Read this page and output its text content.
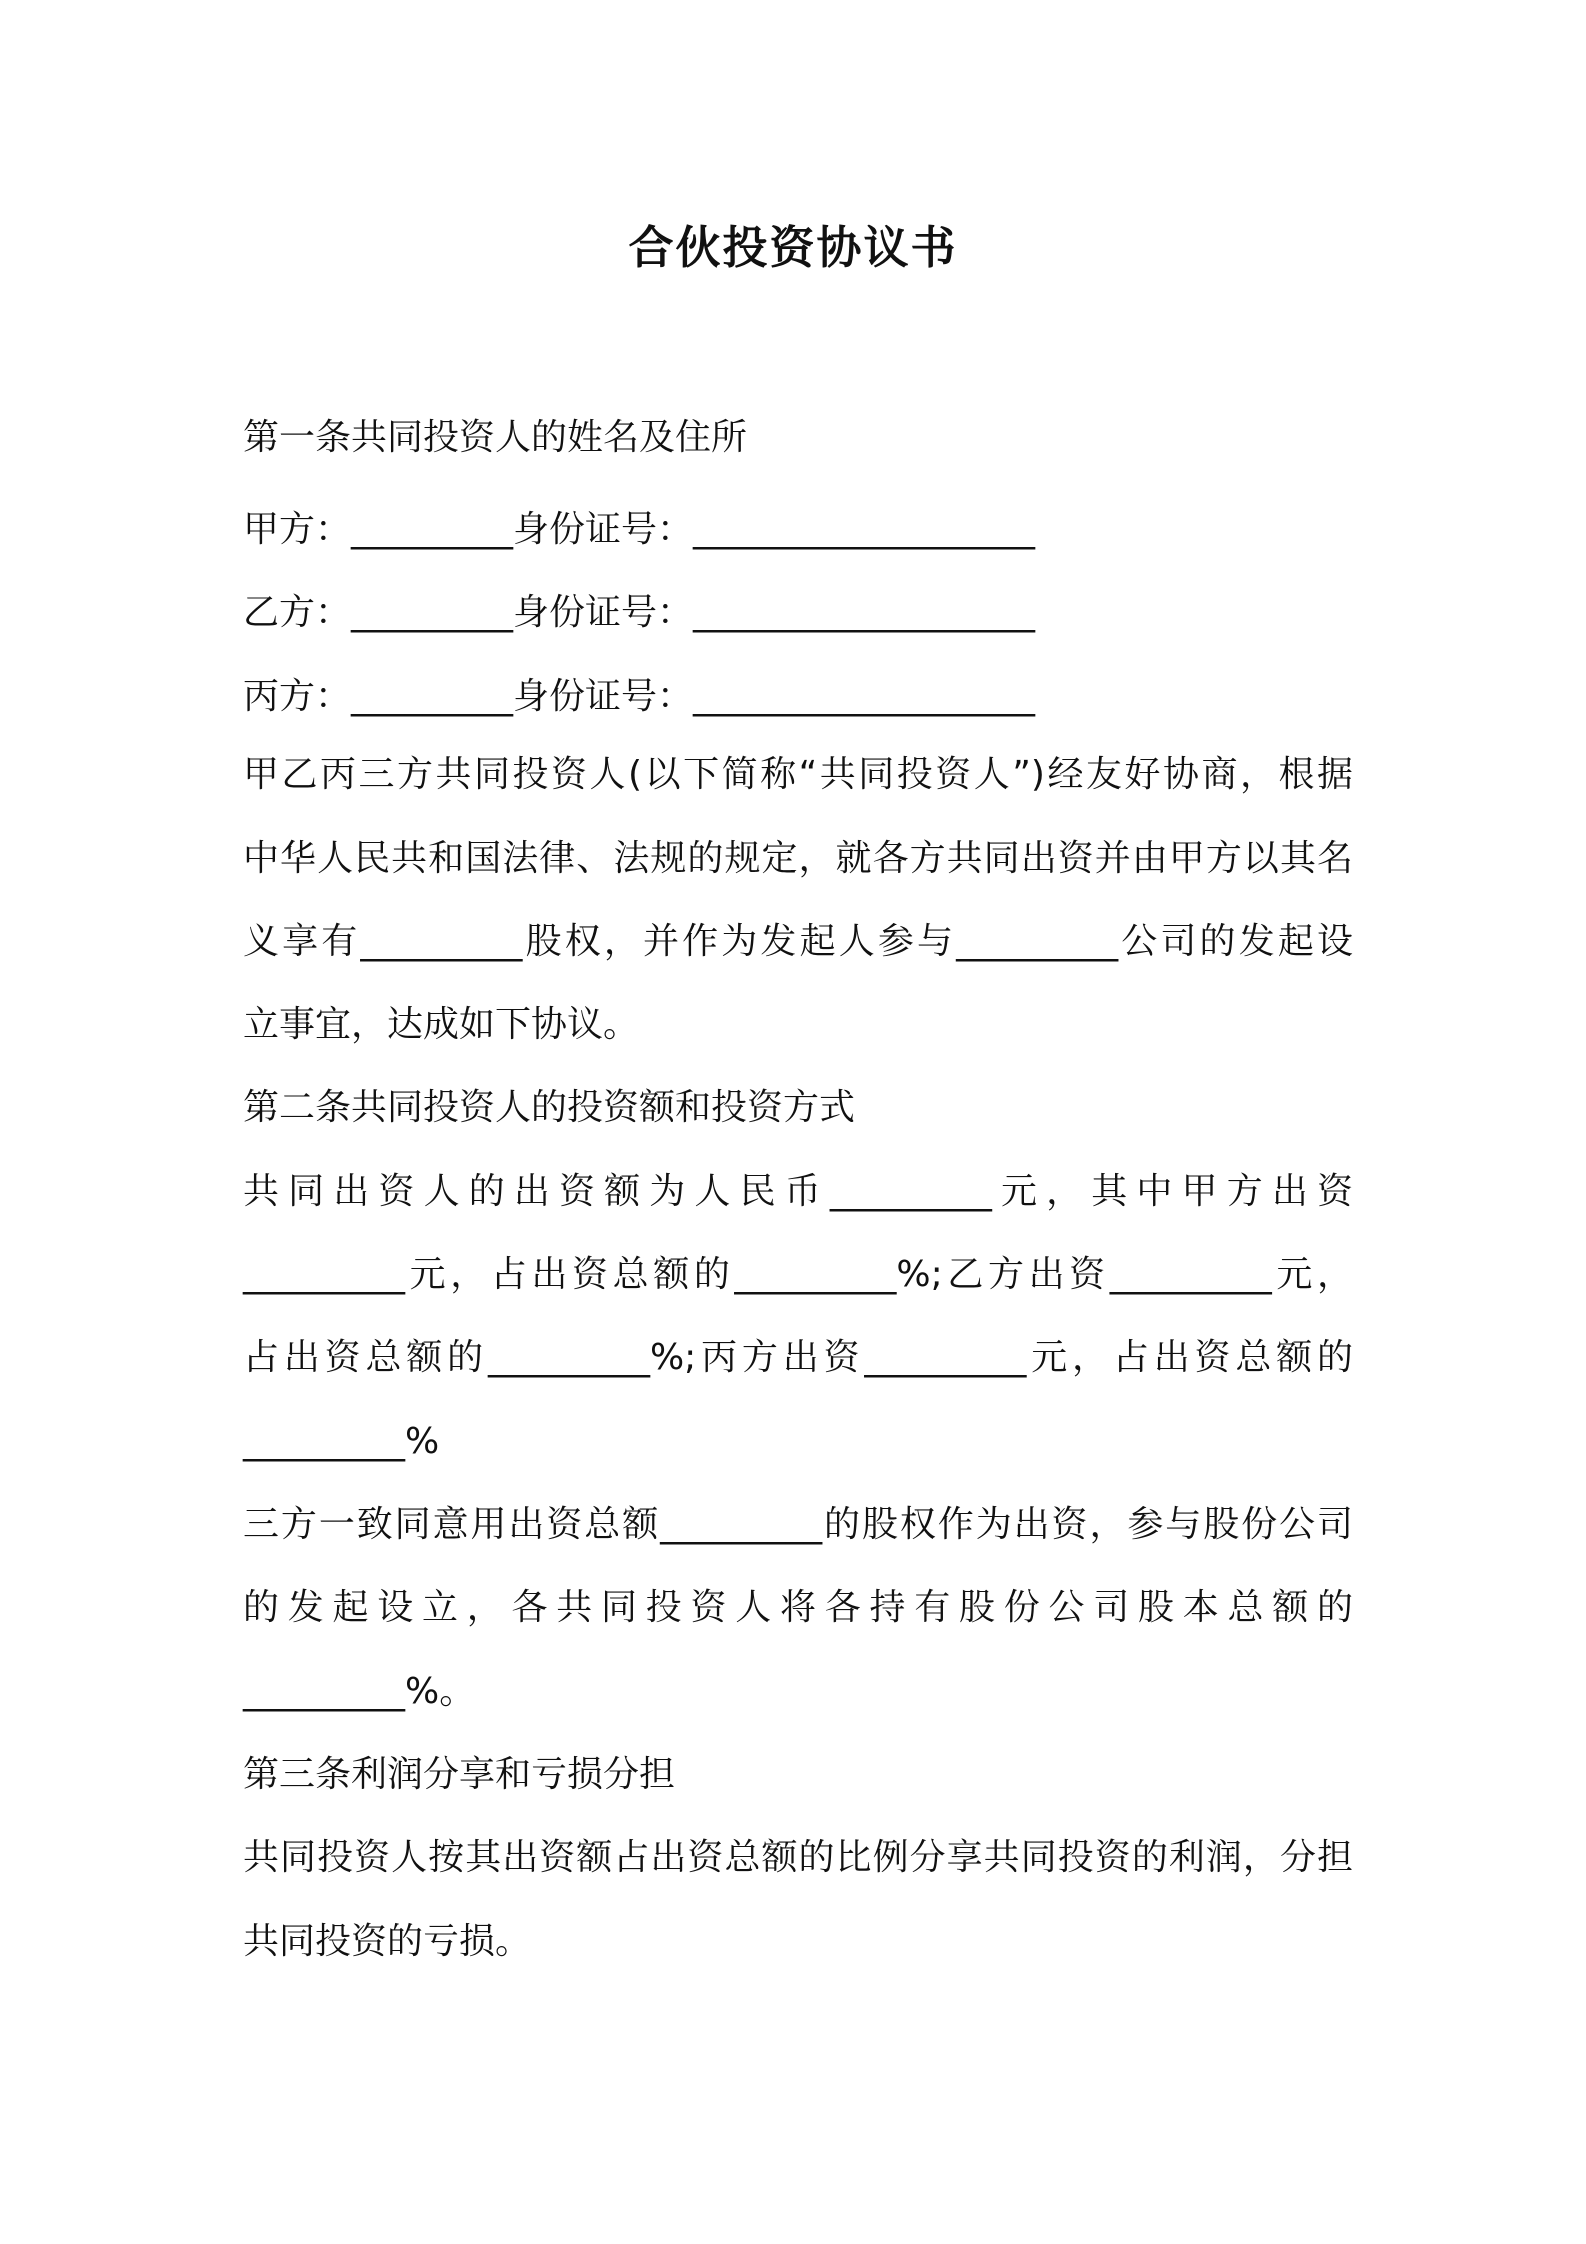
合伙投资协议书
第一条共同投资人的姓名及住所
甲方：_________身份证号：___________________
乙方：_________身份证号：___________________
丙方：_________身份证号：___________________
甲乙丙三方共同投资人(以下简称“共同投资人”)经友好协商，根据
中华人民共和国法律、法规的规定，就各方共同出资并由甲方以其名
义享有_________股权，并作为发起人参与_________公司的发起设
立事宜，达成如下协议。
第二条共同投资人的投资额和投资方式
共同出资人的出资额为人民币_________元，其中甲方出资
_________元，占出资总额的_________%;乙方出资_________元，
占出资总额的_________%;丙方出资_________元，占出资总额的
_________%
三方一致同意用出资总额_________的股权作为出资，参与股份公司
的发起设立，各共同投资人将各持有股份公司股本总额的
_________%。
第三条利润分享和亏损分担
共同投资人按其出资额占出资总额的比例分享共同投资的利润，分担
共同投资的亏损。
